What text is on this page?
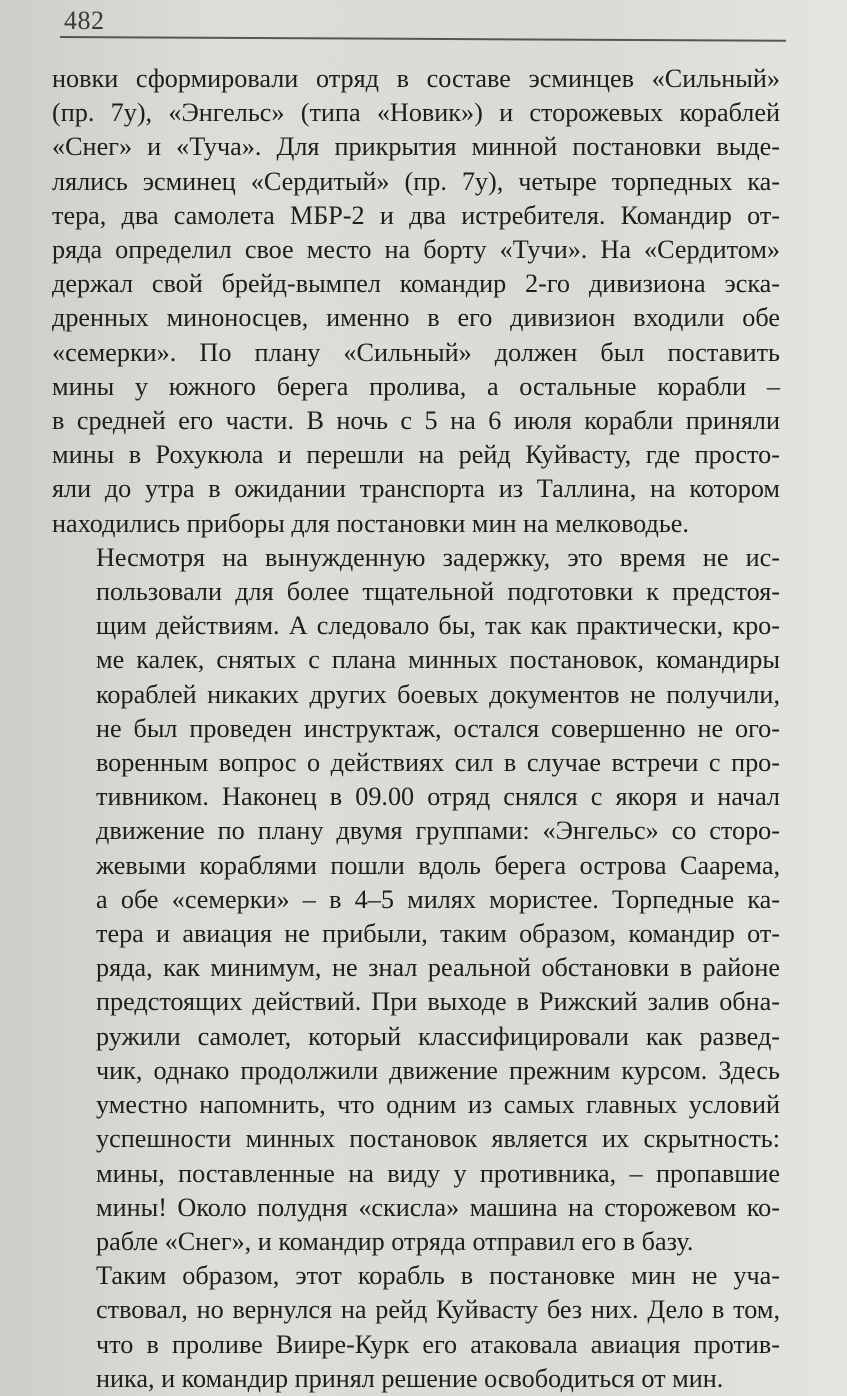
482

новки сформировали отряд в составе эсминцев «Сильный»
(пр. 7у), «Энгельс» (типа «Новик») и сторожевых кораблей
«Снег» и «Туча». Для прикрытия минной постановки выде-
лялись эсминец «Сердитый» (пр. 7у), четыре торпедных ка-
тера, два самолета МБР-2 и два истребителя. Командир от-
ряда определил свое место на борту «Тучи». На «Сердитом»
держал свой брейд-вымпел командир 2-го дивизиона эска-
дренных миноносцев, именно в его дивизион входили обе
«семерки». По плану «Сильный» должен был поставить
мины у южного берега пролива, а остальные корабли –
в средней его части. В ночь с 5 на 6 июля корабли приняли
мины в Рохукюла и перешли на рейд Куйвасту, где просто-
яли до утра в ожидании транспорта из Таллина, на котором
находились приборы для постановки мин на мелководье.

Несмотря на вынужденную задержку, это время не ис-
пользовали для более тщательной подготовки к предстоя-
щим действиям. А следовало бы, так как практически, кро-
ме калек, снятых с плана минных постановок, командиры
кораблей никаких других боевых документов не получили,
не был проведен инструктаж, остался совершенно не ого-
воренным вопрос о действиях сил в случае встречи с про-
тивником. Наконец в 09.00 отряд снялся с якоря и начал
движение по плану двумя группами: «Энгельс» со сторо-
жевыми кораблями пошли вдоль берега острова Саарема,
а обе «семерки» – в 4–5 милях мористее. Торпедные ка-
тера и авиация не прибыли, таким образом, командир от-
ряда, как минимум, не знал реальной обстановки в районе
предстоящих действий. При выходе в Рижский залив обна-
ружили самолет, который классифицировали как развед-
чик, однако продолжили движение прежним курсом. Здесь
уместно напомнить, что одним из самых главных условий
успешности минных постановок является их скрытность:
мины, поставленные на виду у противника, – пропавшие
мины! Около полудня «скисла» машина на сторожевом ко-
рабле «Снег», и командир отряда отправил его в базу.

Таким образом, этот корабль в постановке мин не уча-
ствовал, но вернулся на рейд Куйвасту без них. Дело в том,
что в проливе Виире-Курк его атаковала авиация против-
ника, и командир принял решение освободиться от мин.
